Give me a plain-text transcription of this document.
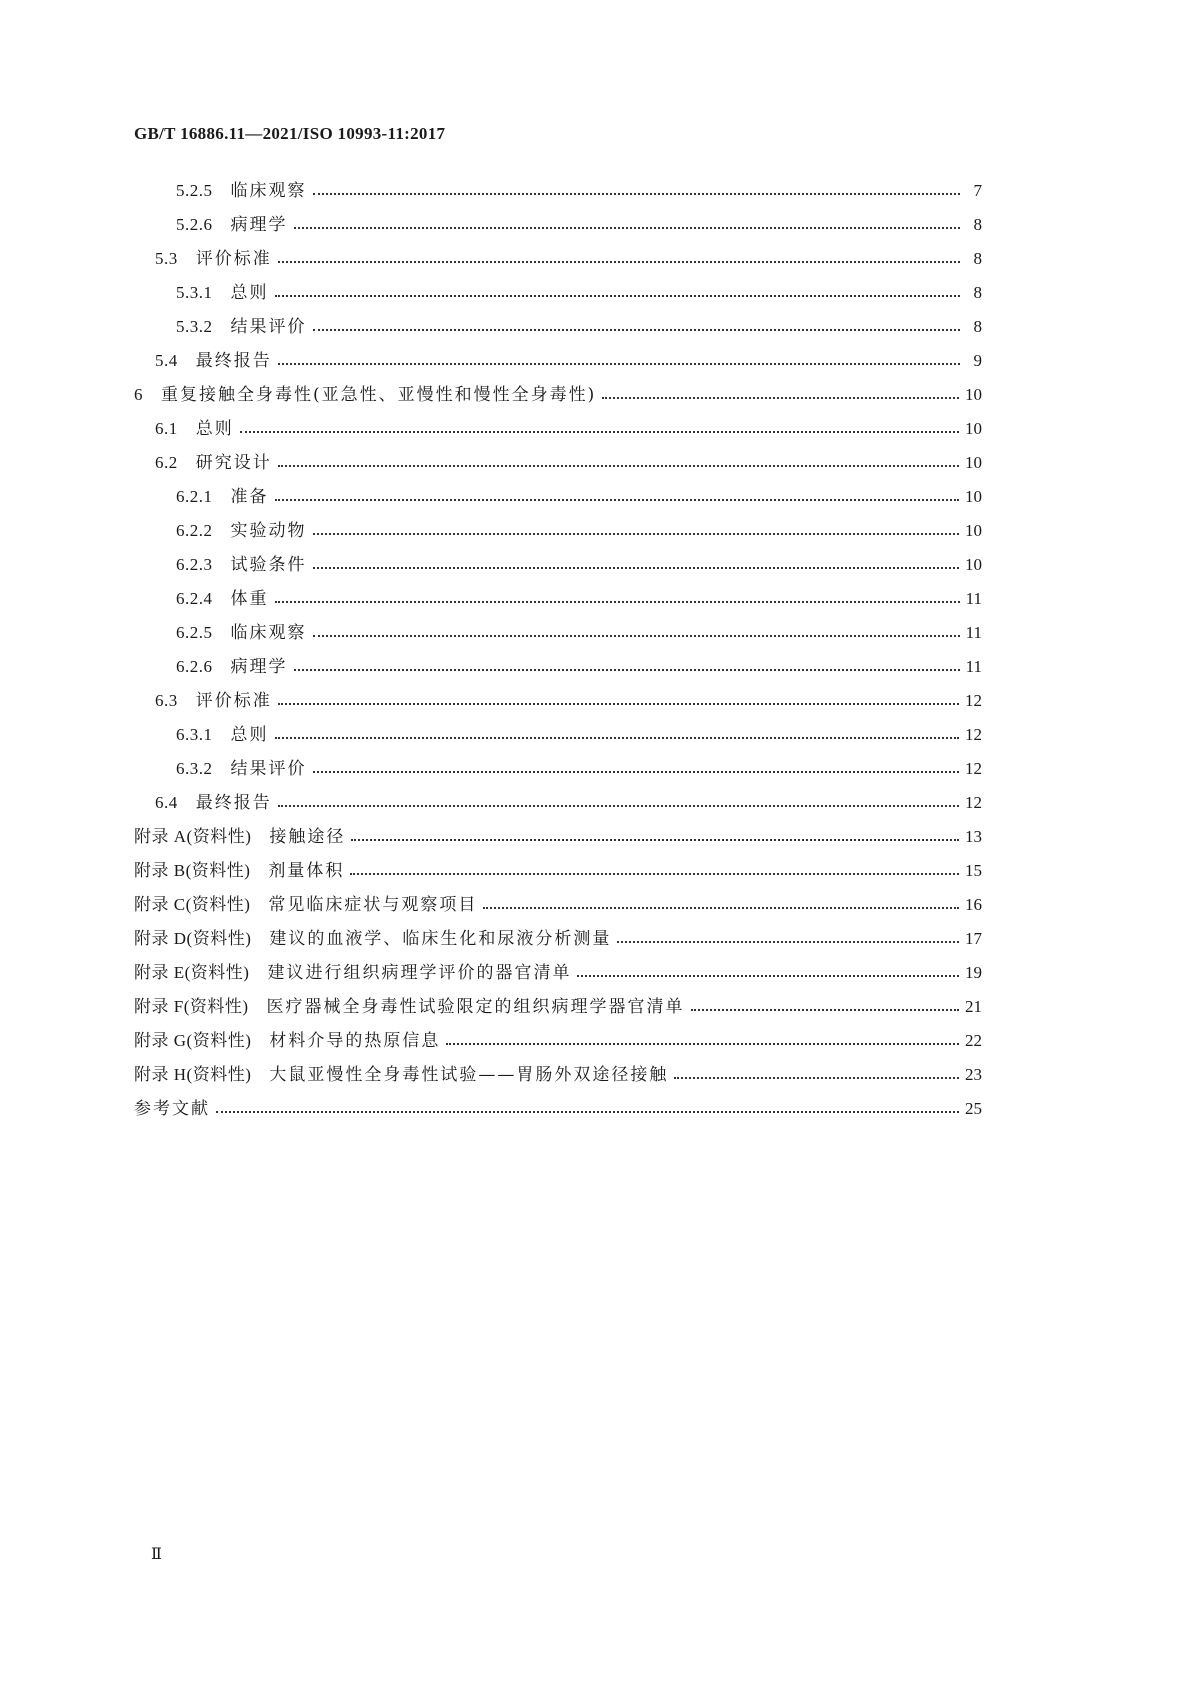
GB/T 16886.11—2021/ISO 10993-11:2017
5.2.5 临床观察	7
5.2.6 病理学	8
5.3 评价标准	8
5.3.1 总则	8
5.3.2 结果评价	8
5.4 最终报告	9
6 重复接触全身毒性(亚急性、亚慢性和慢性全身毒性)	10
6.1 总则	10
6.2 研究设计	10
6.2.1 准备	10
6.2.2 实验动物	10
6.2.3 试验条件	10
6.2.4 体重	11
6.2.5 临床观察	11
6.2.6 病理学	11
6.3 评价标准	12
6.3.1 总则	12
6.3.2 结果评价	12
6.4 最终报告	12
附录 A(资料性) 接触途径	13
附录 B(资料性) 剂量体积	15
附录 C(资料性) 常见临床症状与观察项目	16
附录 D(资料性) 建议的血液学、临床生化和尿液分析测量	17
附录 E(资料性) 建议进行组织病理学评价的器官清单	19
附录 F(资料性) 医疗器械全身毒性试验限定的组织病理学器官清单	21
附录 G(资料性) 材料介导的热原信息	22
附录 H(资料性) 大鼠亚慢性全身毒性试验——胃肠外双途径接触	23
参考文献	25
Ⅱ
